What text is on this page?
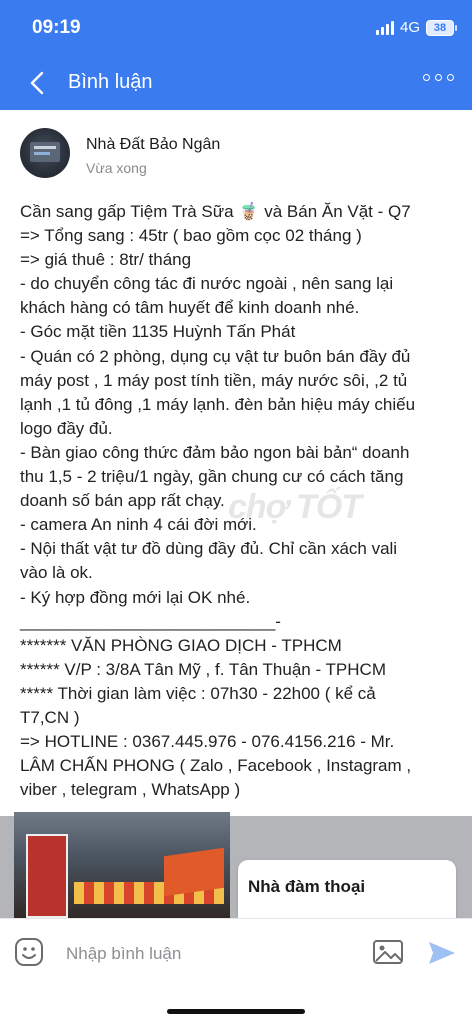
09:19	4G 38
Bình luận
Nhà Đất Bảo Ngân
Vừa xong
Cần sang gấp Tiệm Trà Sữa 🧋 và Bán Ăn Vặt - Q7
=> Tổng sang : 45tr ( bao gồm cọc 02 tháng )
=> giá thuê : 8tr/ tháng
- do chuyển công tác đi nước ngoài , nên sang lại
khách hàng có tâm huyết để kinh doanh nhé.
- Góc mặt tiền 1135 Huỳnh Tấn Phát
- Quán có 2 phòng, dụng cụ vật tư buôn bán đầy đủ
máy post , 1 máy post tính tiền, máy nước sôi, ,2 tủ
lạnh ,1 tủ đông ,1 máy lạnh. đèn bản hiệu máy chiếu
logo đầy đủ.
- Bàn giao công thức đảm bảo ngon bài bản“ doanh
thu 1,5 - 2 triệu/1 ngày, gần chung cư có cách tăng
doanh số bán app rất chạy.
- camera An ninh 4 cái đời mới.
- Nội thất vật tư đồ dùng đầy đủ. Chỉ cần xách vali
vào là ok.
- Ký hợp đồng mới lại OK nhé.
___________________________-
******* VĂN PHÒNG GIAO DỊCH - TPHCM
****** V/P : 3/8A Tân Mỹ , f. Tân Thuận - TPHCM
***** Thời gian làm việc : 07h30 - 22h00 ( kể cả
T7,CN )
=> HOTLINE : 0367.445.976 - 076.4156.216 - Mr.
LÂM CHẤN PHONG ( Zalo , Facebook , Instagram ,
viber , telegram , WhatsApp )
chợ TỐT
Nhà đàm thoại
Nhập bình luận
